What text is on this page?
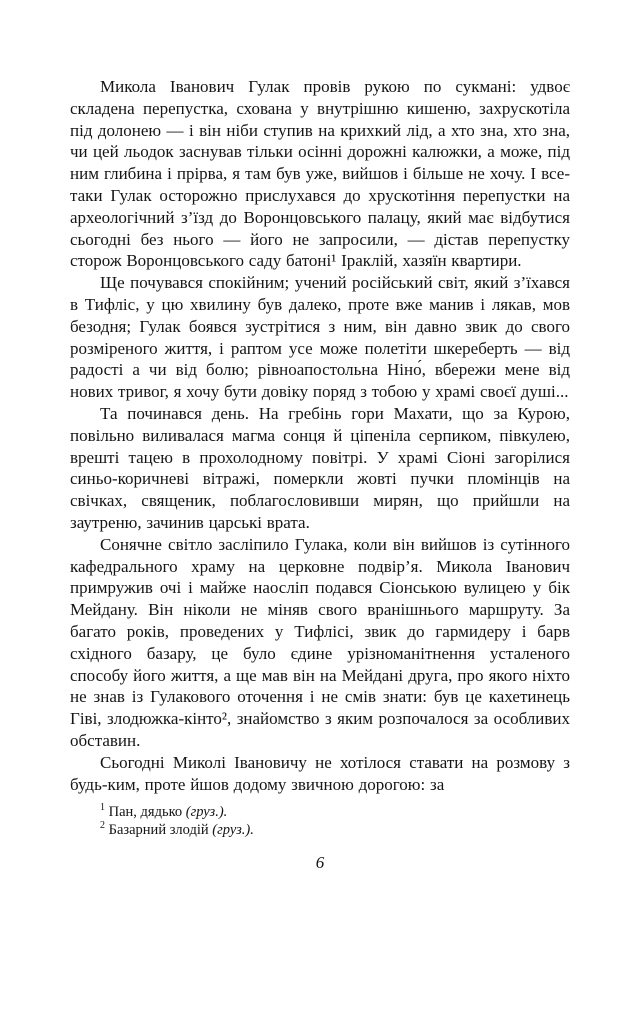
Микола Іванович Гулак провів рукою по сукмані: удвоє складена перепустка, схована у внутрішню кишеню, захрускотіла під долонею — і він ніби ступив на крихкий лід, а хто зна, хто зна, чи цей льодок заснував тільки осінні дорожні калюжки, а може, під ним глибина і прірва, я там був уже, вийшов і більше не хочу. І все-таки Гулак осторожно прислухався до хрускотіння перепустки на археологічний з’їзд до Воронцовського палацу, який має відбутися сьогодні без нього — його не запросили, — дістав перепустку сторож Воронцовського саду батоні¹ Іраклій, хазяїн квартири.

Ще почувався спокійним; учений російський світ, який з’їхався в Тифліс, у цю хвилину був далеко, проте вже манив і лякав, мов безодня; Гулак боявся зустрітися з ним, він давно звик до свого розміреного життя, і раптом усе може полетіти шкереберть — від радості а чи від болю; рівноапостольна Ніно́, вбережи мене від нових тривог, я хочу бути довіку поряд з тобою у храмі своєї душі...

Та починався день. На гребінь гори Махати, що за Курою, повільно виливалася магма сонця й ціпеніла серпиком, півкулею, врешті тацею в прохолодному повітрі. У храмі Сіоні загорілися синьо-коричневі вітражі, померкли жовті пучки пломінців на свічках, священик, поблагословивши мирян, що прийшли на заутреню, зачинив царські врата.

Сонячне світло засліпило Гулака, коли він вийшов із сутінного кафедрального храму на церковне подвір’я. Микола Іванович примружив очі і майже наосліп подався Сіонською вулицею у бік Мейдану. Він ніколи не міняв свого вранішнього маршруту. За багато років, проведених у Тифлісі, звик до гармидеру і барв східного базару, це було єдине урізноманітнення усталеного способу його життя, а ще мав він на Мейдані друга, про якого ніхто не знав із Гулакового оточення і не смів знати: був це кахетинець Гіві, злодюжка-кінто², знайомство з яким розпочалося за особливих обставин.

Сьогодні Миколі Івановичу не хотілося ставати на розмову з будь-ким, проте йшов додому звичною дорогою: за

$^1$ Пан, дядько (груз.).

$^2$ Базарний злодій (груз.).

6
